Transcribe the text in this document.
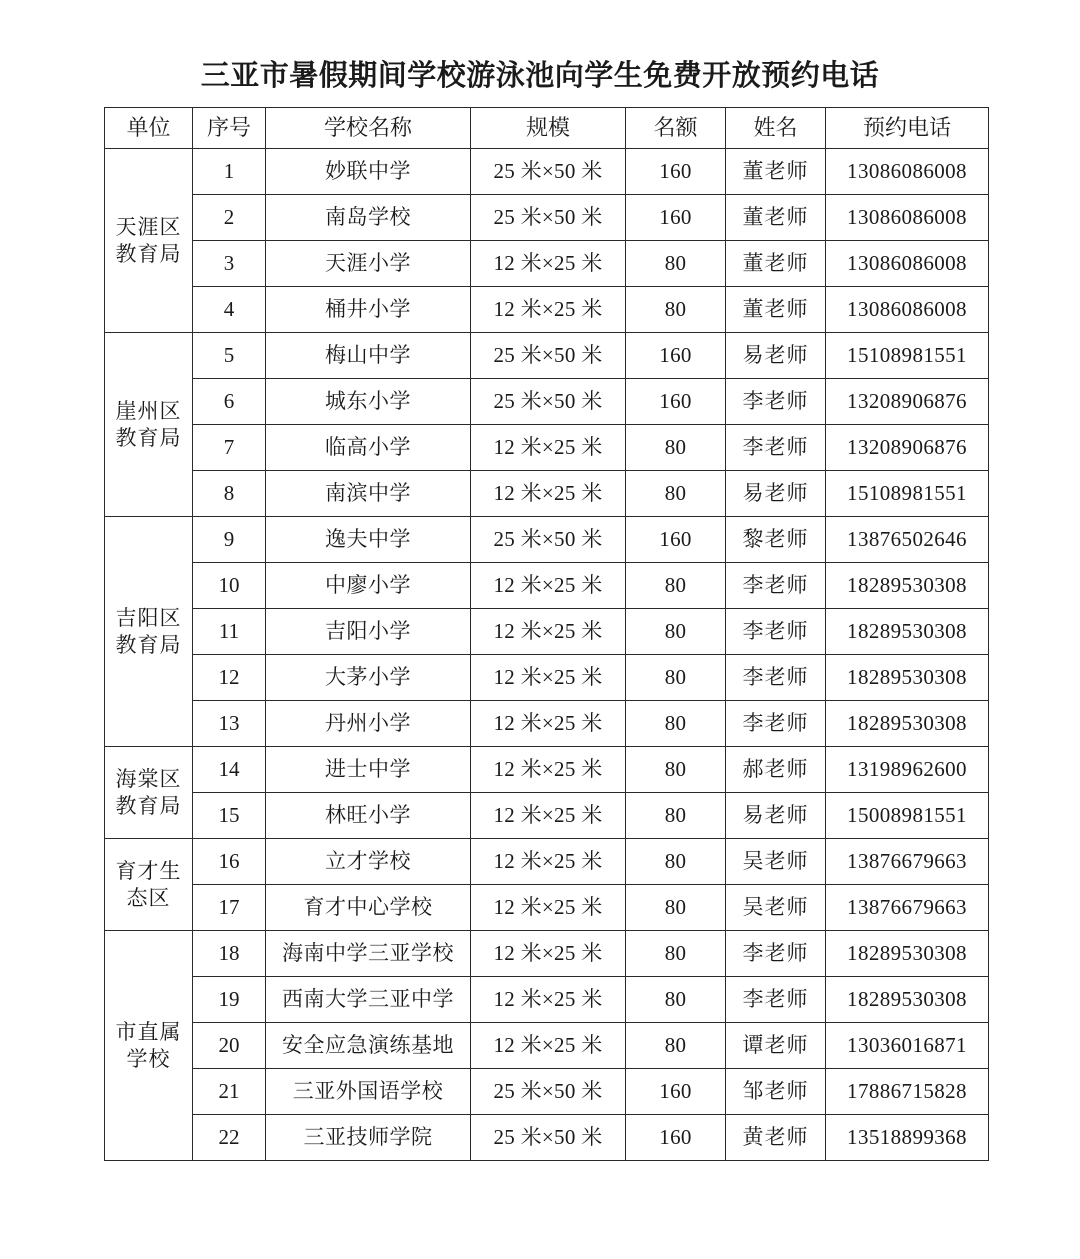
三亚市暑假期间学校游泳池向学生免费开放预约电话
单位	序号	学校名称	规模	名额	姓名	预约电话
天涯区
教育局	1	妙联中学	25 米×50 米	160	董老师	13086086008
	2	南岛学校	25 米×50 米	160	董老师	13086086008
	3	天涯小学	12 米×25 米	80	董老师	13086086008
	4	桶井小学	12 米×25 米	80	董老师	13086086008
崖州区
教育局	5	梅山中学	25 米×50 米	160	易老师	15108981551
	6	城东小学	25 米×50 米	160	李老师	13208906876
	7	临高小学	12 米×25 米	80	李老师	13208906876
	8	南滨中学	12 米×25 米	80	易老师	15108981551
吉阳区
教育局	9	逸夫中学	25 米×50 米	160	黎老师	13876502646
	10	中廖小学	12 米×25 米	80	李老师	18289530308
	11	吉阳小学	12 米×25 米	80	李老师	18289530308
	12	大茅小学	12 米×25 米	80	李老师	18289530308
	13	丹州小学	12 米×25 米	80	李老师	18289530308
海棠区
教育局	14	进士中学	12 米×25 米	80	郝老师	13198962600
	15	林旺小学	12 米×25 米	80	易老师	15008981551
育才生
态区	16	立才学校	12 米×25 米	80	吴老师	13876679663
	17	育才中心学校	12 米×25 米	80	吴老师	13876679663
市直属
学校	18	海南中学三亚学校	12 米×25 米	80	李老师	18289530308
	19	西南大学三亚中学	12 米×25 米	80	李老师	18289530308
	20	安全应急演练基地	12 米×25 米	80	谭老师	13036016871
	21	三亚外国语学校	25 米×50 米	160	邹老师	17886715828
	22	三亚技师学院	25 米×50 米	160	黄老师	13518899368
